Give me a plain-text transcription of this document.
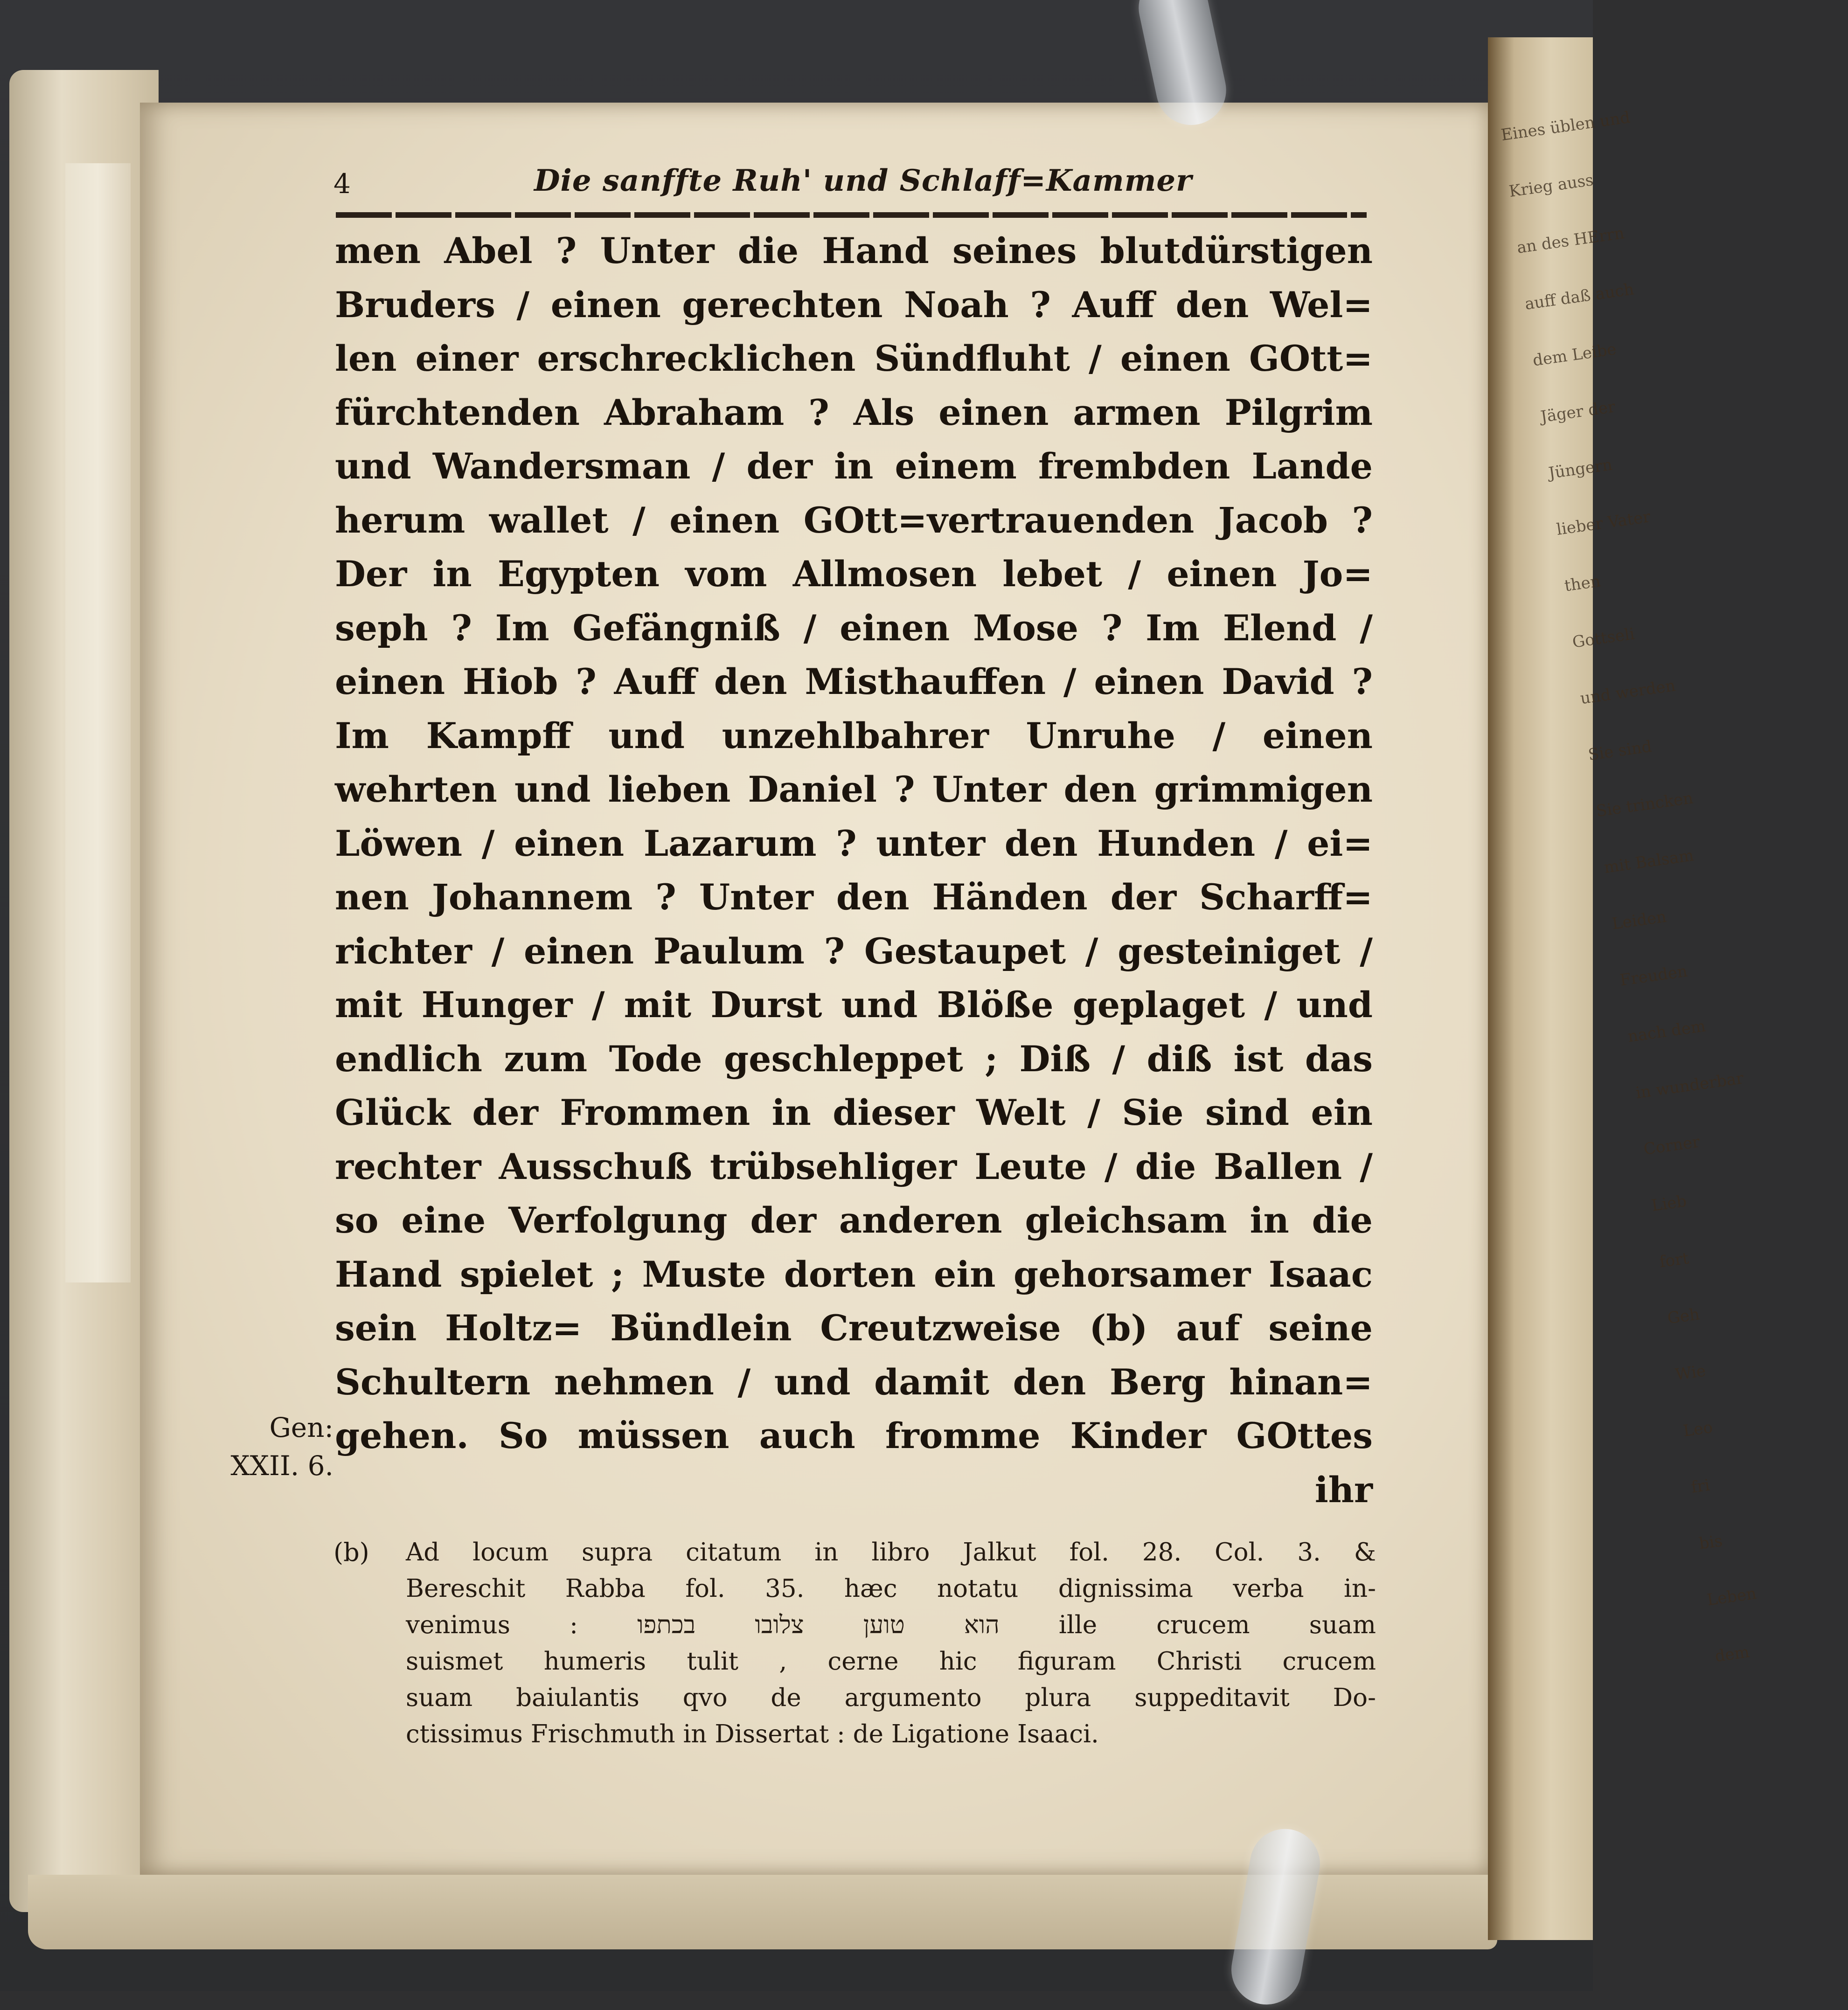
Eines üblen und
Krieg auss
an des HErrn
auff daß auch
dem Leibe
Jäger der
Jüngern
lieber Vater
then
Gottseli
und werden
Sie sind
Sie trincken
mit Balsam
Leiden
Freuden
nach dem
in wunderbar
Corner
Lieb
fort
Geh
Wie
Leo
fri
bis
Leben
dem
4	Die sanffte Ruh' und Schlaff=Kammer
men Abel ? Unter die Hand seines blutdürstigen
Bruders / einen gerechten Noah ? Auff den Wel=
len einer erschrecklichen Sündfluht / einen GOtt=
fürchtenden Abraham ? Als einen armen Pilgrim
und Wandersman / der in einem frembden Lande
herum wallet / einen GOtt=vertrauenden Jacob ?
Der in Egypten vom Allmosen lebet / einen Jo=
seph ? Im Gefängniß / einen Mose ? Im Elend /
einen Hiob ? Auff den Misthauffen / einen David ?
Im Kampff und unzehlbahrer Unruhe / einen
wehrten und lieben Daniel ? Unter den grimmigen
Löwen / einen Lazarum ? unter den Hunden / ei=
nen Johannem ? Unter den Händen der Scharff=
richter / einen Paulum ? Gestaupet / gesteiniget /
mit Hunger / mit Durst und Blöße geplaget / und
endlich zum Tode geschleppet ; Diß / diß ist das
Glück der Frommen in dieser Welt / Sie sind ein
rechter Ausschuß trübsehliger Leute / die Ballen /
so eine Verfolgung der anderen gleichsam in die
Hand spielet ; Muste dorten ein gehorsamer Isaac
sein Holtz= Bündlein Creutzweise (b) auf seine
Schultern nehmen / und damit den Berg hinan=
gehen. So müssen auch fromme Kinder GOttes
ihr
Gen:
XXII. 6.
(b) Ad locum supra citatum in libro Jalkut fol. 28. Col. 3. &
Bereschit Rabba fol. 35. hæc notatu dignissima verba in-
venimus : הוא טוען צלובו בכתפו ille crucem suam
suismet humeris tulit , cerne hic figuram Christi crucem
suam baiulantis qvo de argumento plura suppeditavit Do-
ctissimus Frischmuth in Dissertat : de Ligatione Isaaci.
